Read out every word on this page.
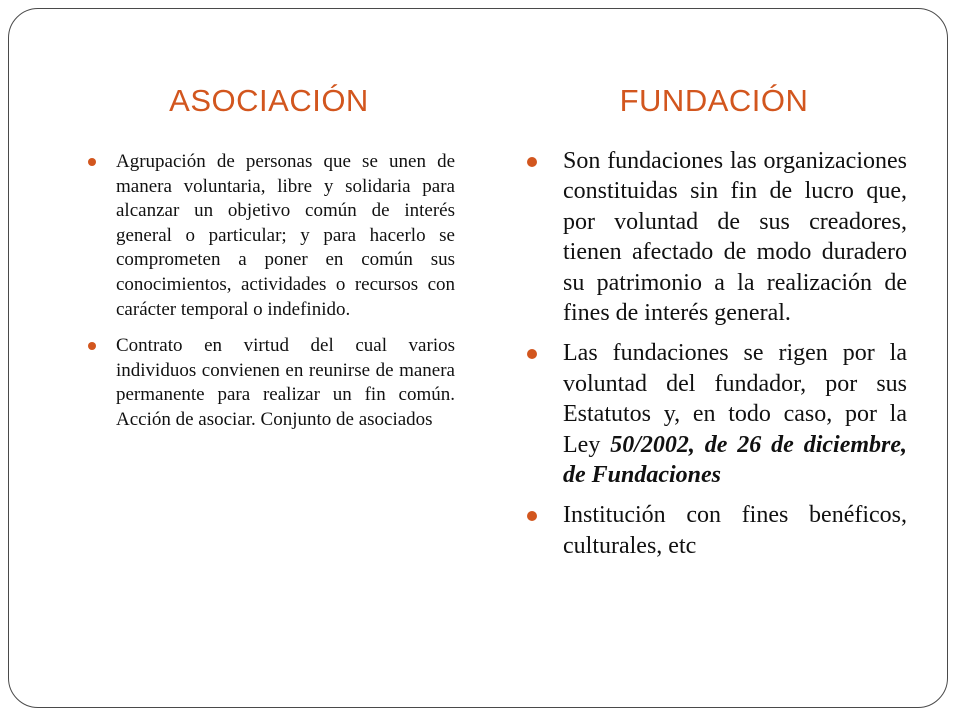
ASOCIACIÓN	FUNDACIÓN
Agrupación de personas que se unen de manera voluntaria, libre y solidaria para alcanzar un objetivo común de interés general o particular; y para hacerlo se comprometen a poner en común sus conocimientos, actividades o recursos con carácter temporal o indefinido.
Contrato en virtud del cual varios individuos convienen en reunirse de manera permanente para realizar un fin común. Acción de asociar. Conjunto de asociados
Son fundaciones las organizaciones constituidas sin fin de lucro que, por voluntad de sus creadores, tienen afectado de modo duradero su patrimonio a la realización de fines de interés general.
Las fundaciones se rigen por la voluntad del fundador, por sus Estatutos y, en todo caso, por la Ley 50/2002, de 26 de diciembre, de Fundaciones
Institución con fines benéficos, culturales, etc
